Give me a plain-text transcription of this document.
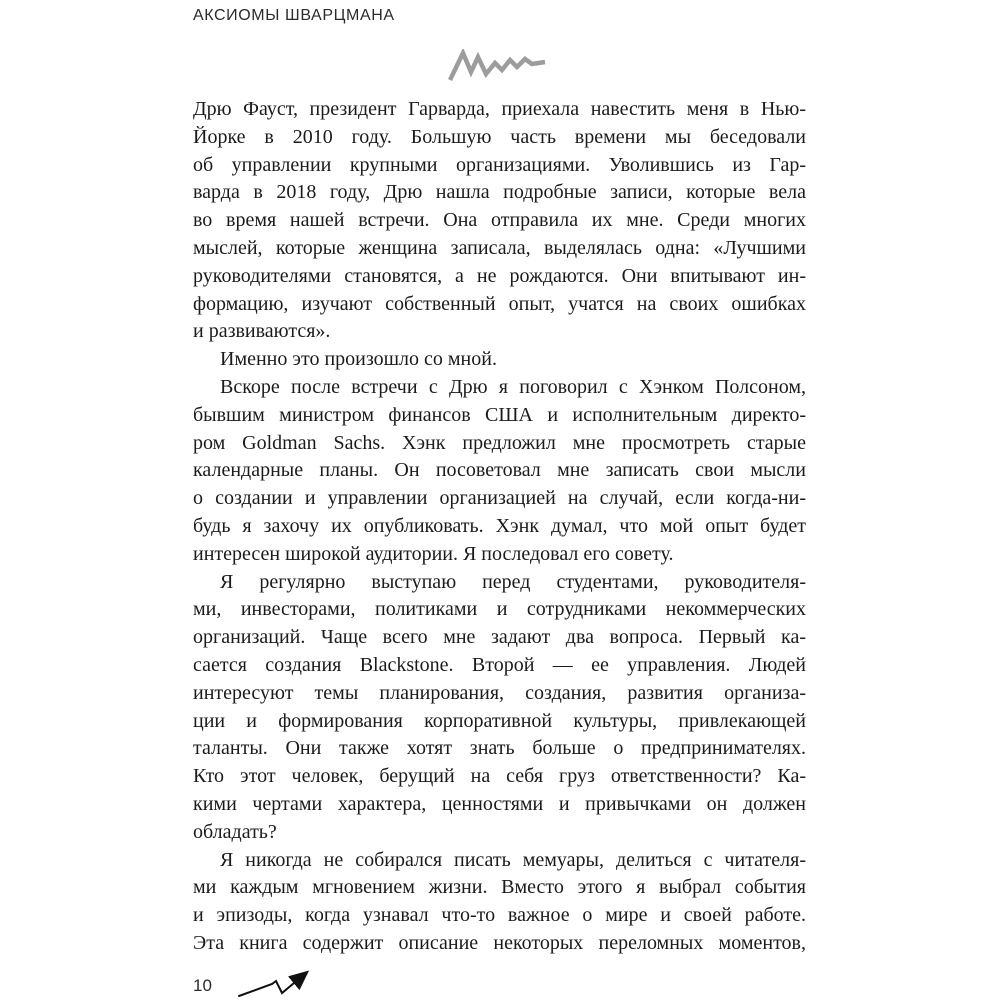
АКСИОМЫ ШВАРЦМАНА
Дрю Фауст, президент Гарварда, приехала навестить меня в Нью-
Йорке в 2010 году. Большую часть времени мы беседовали
об управлении крупными организациями. Уволившись из Гар-
варда в 2018 году, Дрю нашла подробные записи, которые вела
во время нашей встречи. Она отправила их мне. Среди многих
мыслей, которые женщина записала, выделялась одна: «Лучшими
руководителями становятся, а не рождаются. Они впитывают ин-
формацию, изучают собственный опыт, учатся на своих ошибках
и развиваются».
Именно это произошло со мной.
Вскоре после встречи с Дрю я поговорил с Хэнком Полсоном,
бывшим министром финансов США и исполнительным директо-
ром Goldman Sachs. Хэнк предложил мне просмотреть старые
календарные планы. Он посоветовал мне записать свои мысли
о создании и управлении организацией на случай, если когда-ни-
будь я захочу их опубликовать. Хэнк думал, что мой опыт будет
интересен широкой аудитории. Я последовал его совету.
Я регулярно выступаю перед студентами, руководителя-
ми, инвесторами, политиками и сотрудниками некоммерческих
организаций. Чаще всего мне задают два вопроса. Первый ка-
сается создания Blackstone. Второй — ее управления. Людей
интересуют темы планирования, создания, развития организа-
ции и формирования корпоративной культуры, привлекающей
таланты. Они также хотят знать больше о предпринимателях.
Кто этот человек, берущий на себя груз ответственности? Ка-
кими чертами характера, ценностями и привычками он должен
обладать?
Я никогда не собирался писать мемуары, делиться с читателя-
ми каждым мгновением жизни. Вместо этого я выбрал события
и эпизоды, когда узнавал что-то важное о мире и своей работе.
Эта книга содержит описание некоторых переломных моментов,
10
